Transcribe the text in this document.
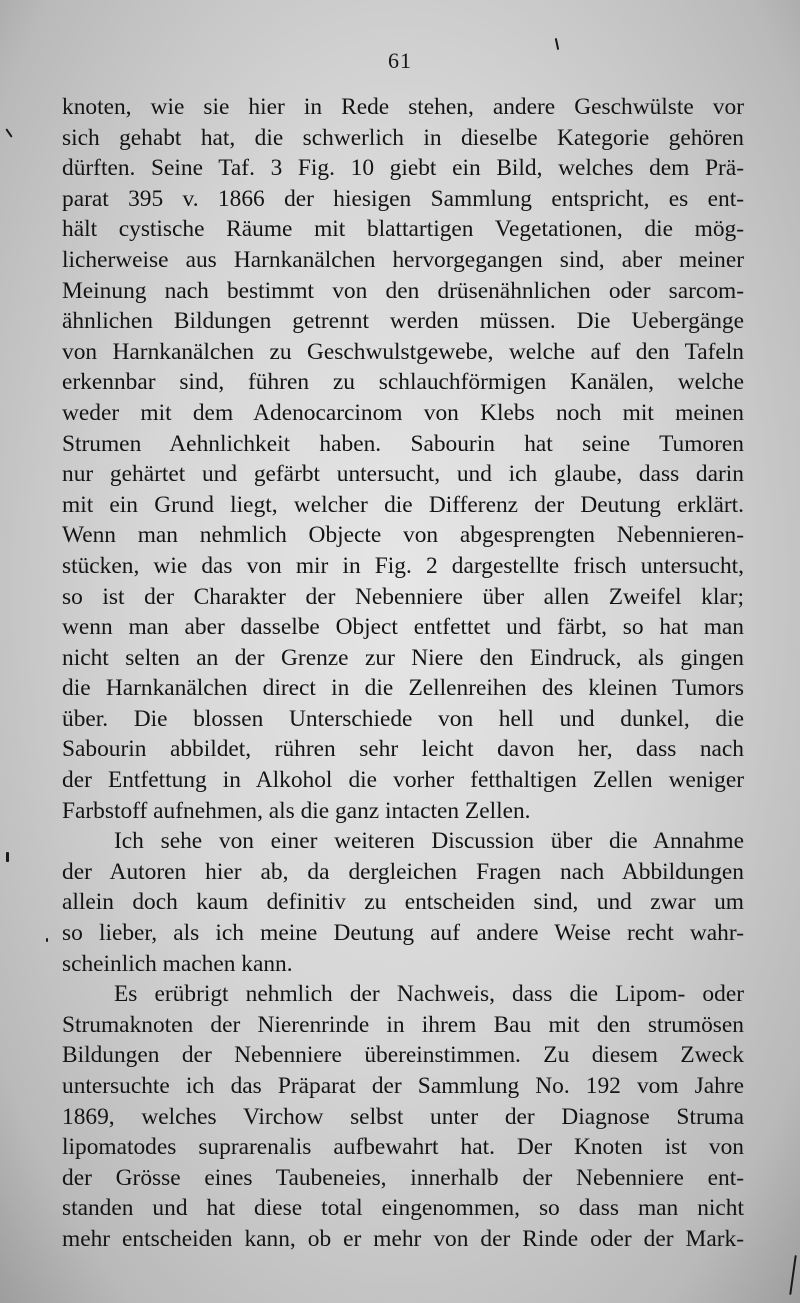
61
knoten, wie sie hier in Rede stehen, andere Geschwülste vor
sich gehabt hat, die schwerlich in dieselbe Kategorie gehören
dürften. Seine Taf. 3 Fig. 10 giebt ein Bild, welches dem Prä-
parat 395 v. 1866 der hiesigen Sammlung entspricht, es ent-
hält cystische Räume mit blattartigen Vegetationen, die mög-
licherweise aus Harnkanälchen hervorgegangen sind, aber meiner
Meinung nach bestimmt von den drüsenähnlichen oder sarcom-
ähnlichen Bildungen getrennt werden müssen. Die Uebergänge
von Harnkanälchen zu Geschwulstgewebe, welche auf den Tafeln
erkennbar sind, führen zu schlauchförmigen Kanälen, welche
weder mit dem Adenocarcinom von Klebs noch mit meinen
Strumen Aehnlichkeit haben. Sabourin hat seine Tumoren
nur gehärtet und gefärbt untersucht, und ich glaube, dass darin
mit ein Grund liegt, welcher die Differenz der Deutung erklärt.
Wenn man nehmlich Objecte von abgesprengten Nebennieren-
stücken, wie das von mir in Fig. 2 dargestellte frisch untersucht,
so ist der Charakter der Nebenniere über allen Zweifel klar;
wenn man aber dasselbe Object entfettet und färbt, so hat man
nicht selten an der Grenze zur Niere den Eindruck, als gingen
die Harnkanälchen direct in die Zellenreihen des kleinen Tumors
über. Die blossen Unterschiede von hell und dunkel, die
Sabourin abbildet, rühren sehr leicht davon her, dass nach
der Entfettung in Alkohol die vorher fetthaltigen Zellen weniger
Farbstoff aufnehmen, als die ganz intacten Zellen.
Ich sehe von einer weiteren Discussion über die Annahme
der Autoren hier ab, da dergleichen Fragen nach Abbildungen
allein doch kaum definitiv zu entscheiden sind, und zwar um
so lieber, als ich meine Deutung auf andere Weise recht wahr-
scheinlich machen kann.
Es erübrigt nehmlich der Nachweis, dass die Lipom- oder
Strumaknoten der Nierenrinde in ihrem Bau mit den strumösen
Bildungen der Nebenniere übereinstimmen. Zu diesem Zweck
untersuchte ich das Präparat der Sammlung No. 192 vom Jahre
1869, welches Virchow selbst unter der Diagnose Struma
lipomatodes suprarenalis aufbewahrt hat. Der Knoten ist von
der Grösse eines Taubeneies, innerhalb der Nebenniere ent-
standen und hat diese total eingenommen, so dass man nicht
mehr entscheiden kann, ob er mehr von der Rinde oder der Mark-
